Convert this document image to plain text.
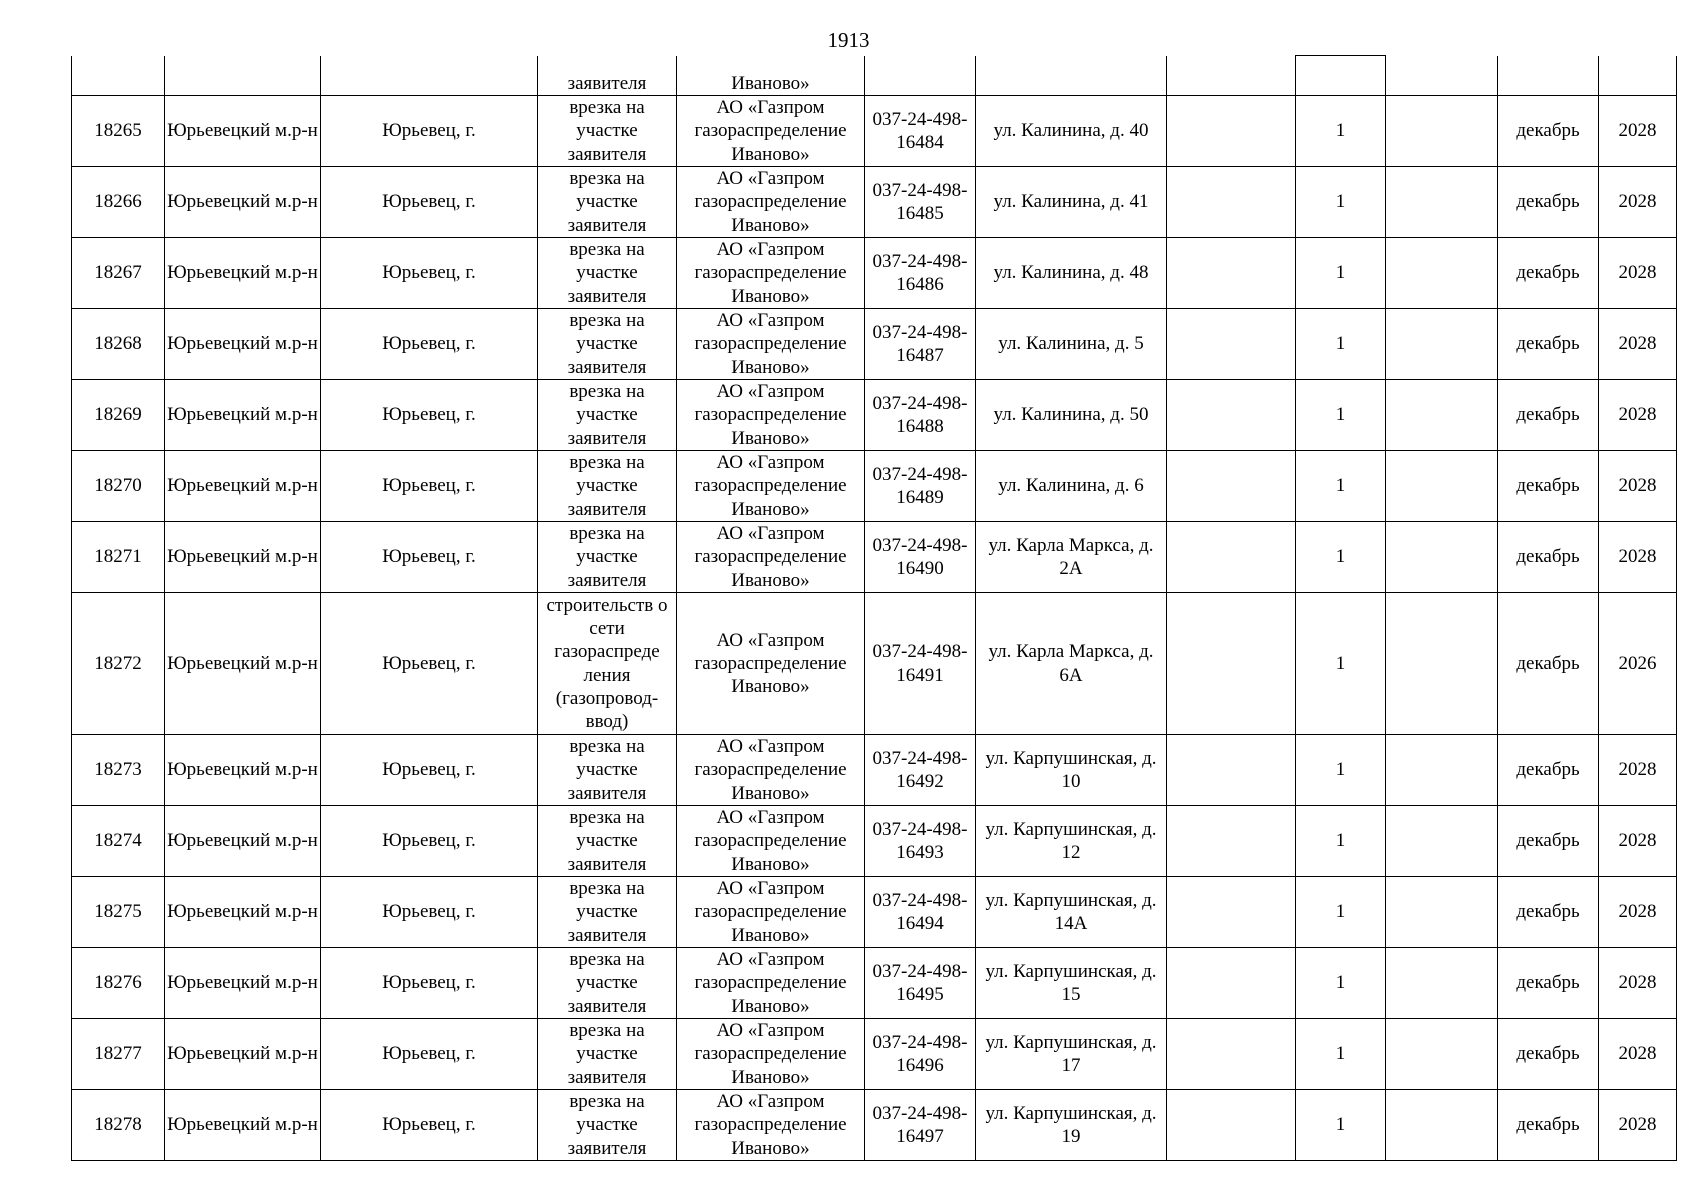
1913
			заявителя	Иваново»							
18265	Юрьевецкий м.р-н	Юрьевец, г.	врезка на участке заявителя	АО «Газпром газораспределение Иваново»	037-24-498-16484	ул. Калинина, д. 40		1		декабрь	2028
18266	Юрьевецкий м.р-н	Юрьевец, г.	врезка на участке заявителя	АО «Газпром газораспределение Иваново»	037-24-498-16485	ул. Калинина, д. 41		1		декабрь	2028
18267	Юрьевецкий м.р-н	Юрьевец, г.	врезка на участке заявителя	АО «Газпром газораспределение Иваново»	037-24-498-16486	ул. Калинина, д. 48		1		декабрь	2028
18268	Юрьевецкий м.р-н	Юрьевец, г.	врезка на участке заявителя	АО «Газпром газораспределение Иваново»	037-24-498-16487	ул. Калинина, д. 5		1		декабрь	2028
18269	Юрьевецкий м.р-н	Юрьевец, г.	врезка на участке заявителя	АО «Газпром газораспределение Иваново»	037-24-498-16488	ул. Калинина, д. 50		1		декабрь	2028
18270	Юрьевецкий м.р-н	Юрьевец, г.	врезка на участке заявителя	АО «Газпром газораспределение Иваново»	037-24-498-16489	ул. Калинина, д. 6		1		декабрь	2028
18271	Юрьевецкий м.р-н	Юрьевец, г.	врезка на участке заявителя	АО «Газпром газораспределение Иваново»	037-24-498-16490	ул. Карла Маркса, д. 2А		1		декабрь	2028
18272	Юрьевецкий м.р-н	Юрьевец, г.	строительств о сети газораспреде ления (газопровод-ввод)	АО «Газпром газораспределение Иваново»	037-24-498-16491	ул. Карла Маркса, д. 6А		1		декабрь	2026
18273	Юрьевецкий м.р-н	Юрьевец, г.	врезка на участке заявителя	АО «Газпром газораспределение Иваново»	037-24-498-16492	ул. Карпушинская, д. 10		1		декабрь	2028
18274	Юрьевецкий м.р-н	Юрьевец, г.	врезка на участке заявителя	АО «Газпром газораспределение Иваново»	037-24-498-16493	ул. Карпушинская, д. 12		1		декабрь	2028
18275	Юрьевецкий м.р-н	Юрьевец, г.	врезка на участке заявителя	АО «Газпром газораспределение Иваново»	037-24-498-16494	ул. Карпушинская, д. 14А		1		декабрь	2028
18276	Юрьевецкий м.р-н	Юрьевец, г.	врезка на участке заявителя	АО «Газпром газораспределение Иваново»	037-24-498-16495	ул. Карпушинская, д. 15		1		декабрь	2028
18277	Юрьевецкий м.р-н	Юрьевец, г.	врезка на участке заявителя	АО «Газпром газораспределение Иваново»	037-24-498-16496	ул. Карпушинская, д. 17		1		декабрь	2028
18278	Юрьевецкий м.р-н	Юрьевец, г.	врезка на участке заявителя	АО «Газпром газораспределение Иваново»	037-24-498-16497	ул. Карпушинская, д. 19		1		декабрь	2028
